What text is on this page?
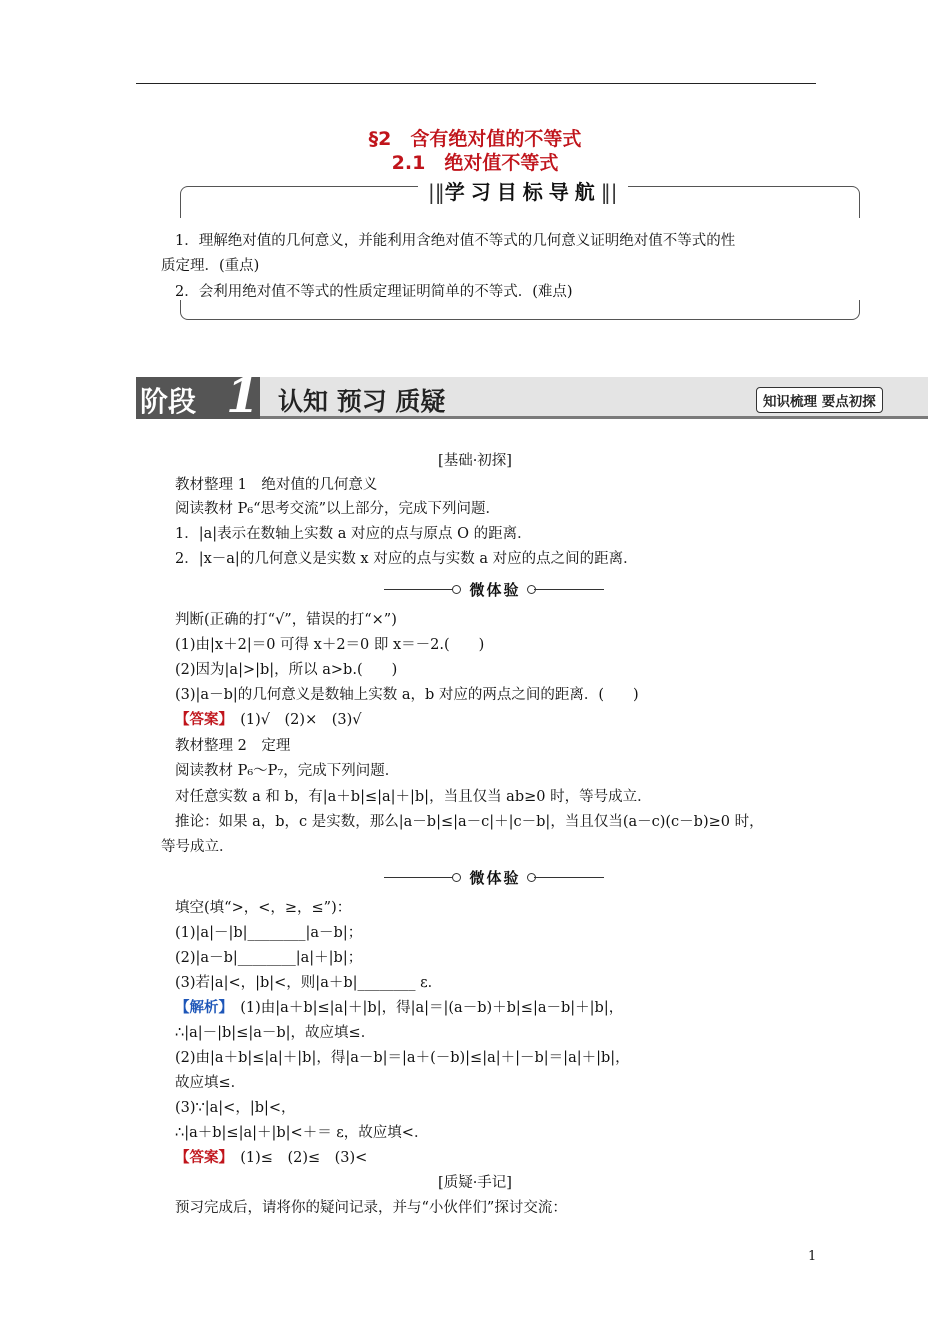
§2　含有绝对值的不等式
2.1　绝对值不等式
|‖学习目标导航‖|
1．理解绝对值的几何意义，并能利用含绝对值不等式的几何意义证明绝对值不等式的性
质定理．(重点)
2．会利用绝对值不等式的性质定理证明简单的不等式．(难点)
阶段 1 认知 预习 质疑	知识梳理 要点初探
[基础·初探]
教材整理 1　绝对值的几何意义
阅读教材 P₆“思考交流”以上部分，完成下列问题．
1．|a|表示在数轴上实数 a 对应的点与原点 O 的距离．
2．|x－a|的几何意义是实数 x 对应的点与实数 a 对应的点之间的距离．
微体验
判断(正确的打“√”，错误的打“×”)
(1)由|x＋2|＝0 可得 x＋2＝0 即 x＝－2.(　　)
(2)因为|a|>|b|，所以 a>b.(　　)
(3)|a－b|的几何意义是数轴上实数 a，b 对应的两点之间的距离．(　　)
【答案】　(1)√　(2)×　(3)√
教材整理 2　定理
阅读教材 P₆～P₇，完成下列问题．
对任意实数 a 和 b，有|a＋b|≤|a|＋|b|，当且仅当 ab≥0 时，等号成立．
推论：如果 a，b，c 是实数，那么|a－b|≤|a－c|＋|c－b|，当且仅当(a－c)(c－b)≥0 时，
等号成立．
微体验
填空(填“>，<，≥，≤”)：
(1)|a|－|b|________|a－b|；
(2)|a－b|________|a|＋|b|；
(3)若|a|<，|b|<，则|a＋b|________ ε．
【解析】　(1)由|a＋b|≤|a|＋|b|，得|a|＝|(a－b)＋b|≤|a－b|＋|b|，
∴|a|－|b|≤|a－b|，故应填≤．
(2)由|a＋b|≤|a|＋|b|，得|a－b|＝|a＋(－b)|≤|a|＋|－b|＝|a|＋|b|，
故应填≤．
(3)∵|a|<，|b|<，
∴|a＋b|≤|a|＋|b|<＋＝ ε，故应填<．
【答案】　(1)≤　(2)≤　(3)<
[质疑·手记]
预习完成后，请将你的疑问记录，并与“小伙伴们”探讨交流：
1
